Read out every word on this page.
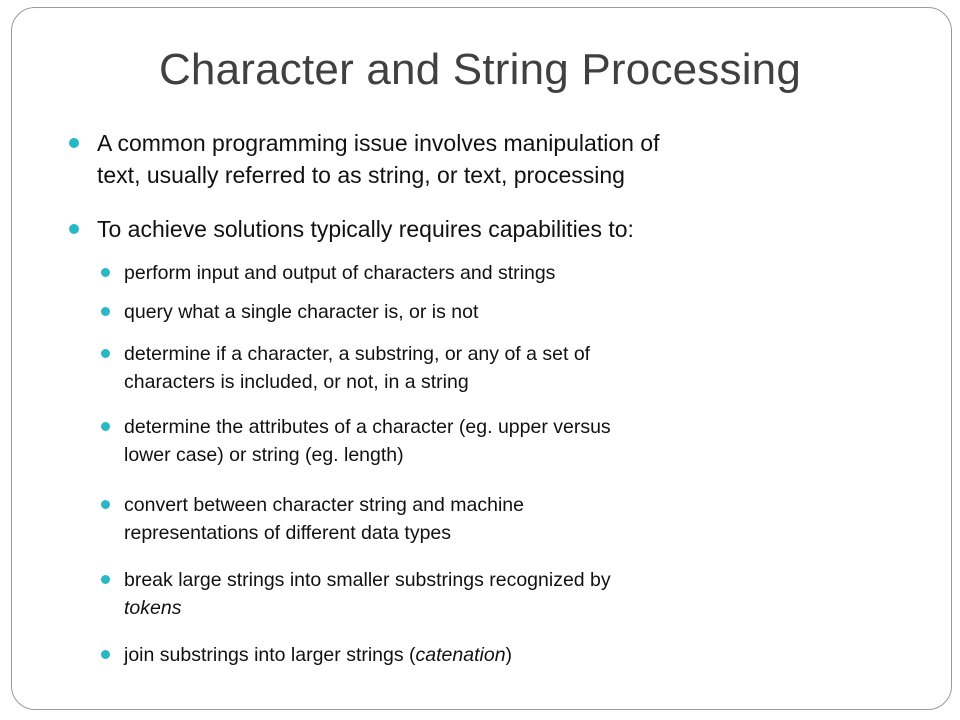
Character and String Processing
A common programming issue involves manipulation of
text, usually referred to as string, or text, processing
To achieve solutions typically requires capabilities to:
perform input and output of characters and strings
query what a single character is, or is not
determine if a character, a substring, or any of a set of
characters is included, or not, in a string
determine the attributes of a character (eg. upper versus
lower case) or string (eg. length)
convert between character string and machine
representations of different data types
break large strings into smaller substrings recognized by
tokens
join substrings into larger strings (catenation)
